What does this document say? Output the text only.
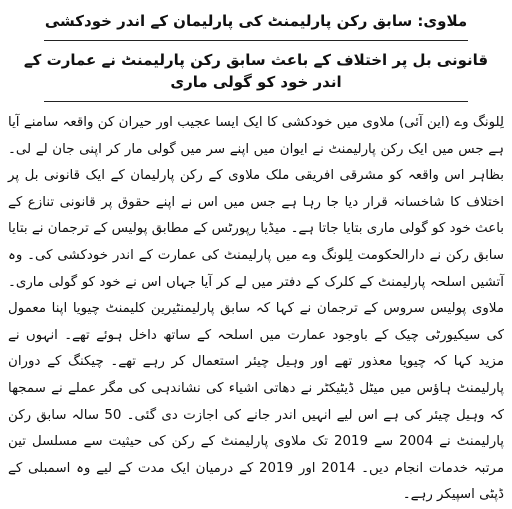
ملاوی: سابق رکن پارلیمنٹ کی پارلیمان کے اندر خودکشی
قانونی بل پر اختلاف کے باعث سابق رکن پارلیمنٹ نے عمارت کے اندر خود کو گولی ماری

لِلونگ وے (این آئی) ملاوی میں خودکشی کا ایک ایسا عجیب اور حیران کن واقعہ سامنے آیا ہے جس میں ایک رکن پارلیمنٹ نے ایوان میں اپنے سر میں گولی مار کر اپنی جان لے لی۔ بظاہر اس واقعہ کو مشرقی افریقی ملک ملاوی کے رکن پارلیمان کے ایک قانونی بل پر اختلاف کا شاخسانہ قرار دیا جا رہا ہے جس میں اس نے اپنے حقوق پر قانونی تنازع کے باعث خود کو گولی ماری بتایا جاتا ہے۔ میڈیا رپورٹس کے مطابق پولیس کے ترجمان نے بتایا سابق رکن نے دارالحکومت لِلونگ وے میں پارلیمنٹ کی عمارت کے اندر خودکشی کی۔ وہ آتشیں اسلحہ پارلیمنٹ کے کلرک کے دفتر میں لے کر آیا جہاں اس نے خود کو گولی ماری۔ ملاوی پولیس سروس کے ترجمان نے کہا کہ سابق پارلیمنٹیرین کلیمنٹ چیویا اپنا معمول کی سیکیورٹی چیک کے باوجود عمارت میں اسلحہ کے ساتھ داخل ہوئے تھے۔ انہوں نے مزید کہا کہ چیویا معذور تھے اور وہیل چیئر استعمال کر رہے تھے۔ چیکنگ کے دوران پارلیمنٹ ہاؤس میں میٹل ڈیٹیکٹر نے دھاتی اشیاء کی نشاندہی کی مگر عملے نے سمجھا کہ وہیل چیئر کی ہے اس لیے انہیں اندر جانے کی اجازت دی گئی۔ 50 سالہ سابق رکن پارلیمنٹ نے 2004 سے 2019 تک ملاوی پارلیمنٹ کے رکن کی حیثیت سے مسلسل تین مرتبہ خدمات انجام دیں۔ 2014 اور 2019 کے درمیان ایک مدت کے لیے وہ اسمبلی کے ڈپٹی اسپیکر رہے۔
